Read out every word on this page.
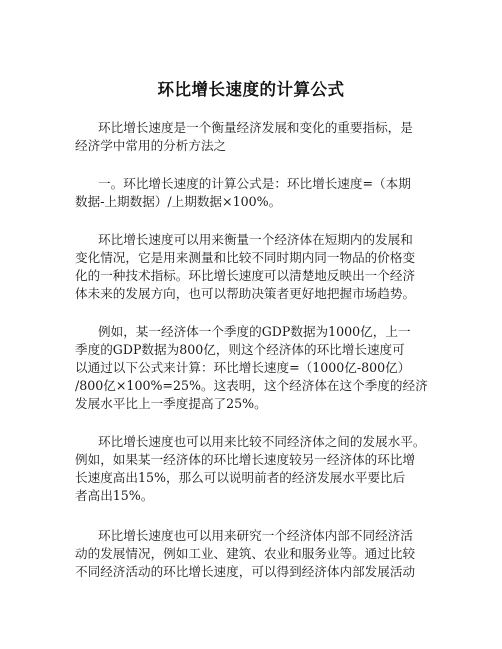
环比增长速度的计算公式
环比增长速度是一个衡量经济发展和变化的重要指标，是
经济学中常用的分析方法之
一。环比增长速度的计算公式是：环比增长速度=（本期
数据-上期数据）/上期数据×100%。
环比增长速度可以用来衡量一个经济体在短期内的发展和
变化情况，它是用来测量和比较不同时期内同一物品的价格变
化的一种技术指标。环比增长速度可以清楚地反映出一个经济
体未来的发展方向，也可以帮助决策者更好地把握市场趋势。
例如，某一经济体一个季度的GDP数据为1000亿，上一
季度的GDP数据为800亿，则这个经济体的环比增长速度可
以通过以下公式来计算：环比增长速度=（1000亿-800亿）
/800亿×100%=25%。这表明，这个经济体在这个季度的经济
发展水平比上一季度提高了25%。
环比增长速度也可以用来比较不同经济体之间的发展水平。
例如，如果某一经济体的环比增长速度较另一经济体的环比增
长速度高出15%，那么可以说明前者的经济发展水平要比后
者高出15%。
环比增长速度也可以用来研究一个经济体内部不同经济活
动的发展情况，例如工业、建筑、农业和服务业等。通过比较
不同经济活动的环比增长速度，可以得到经济体内部发展活动
